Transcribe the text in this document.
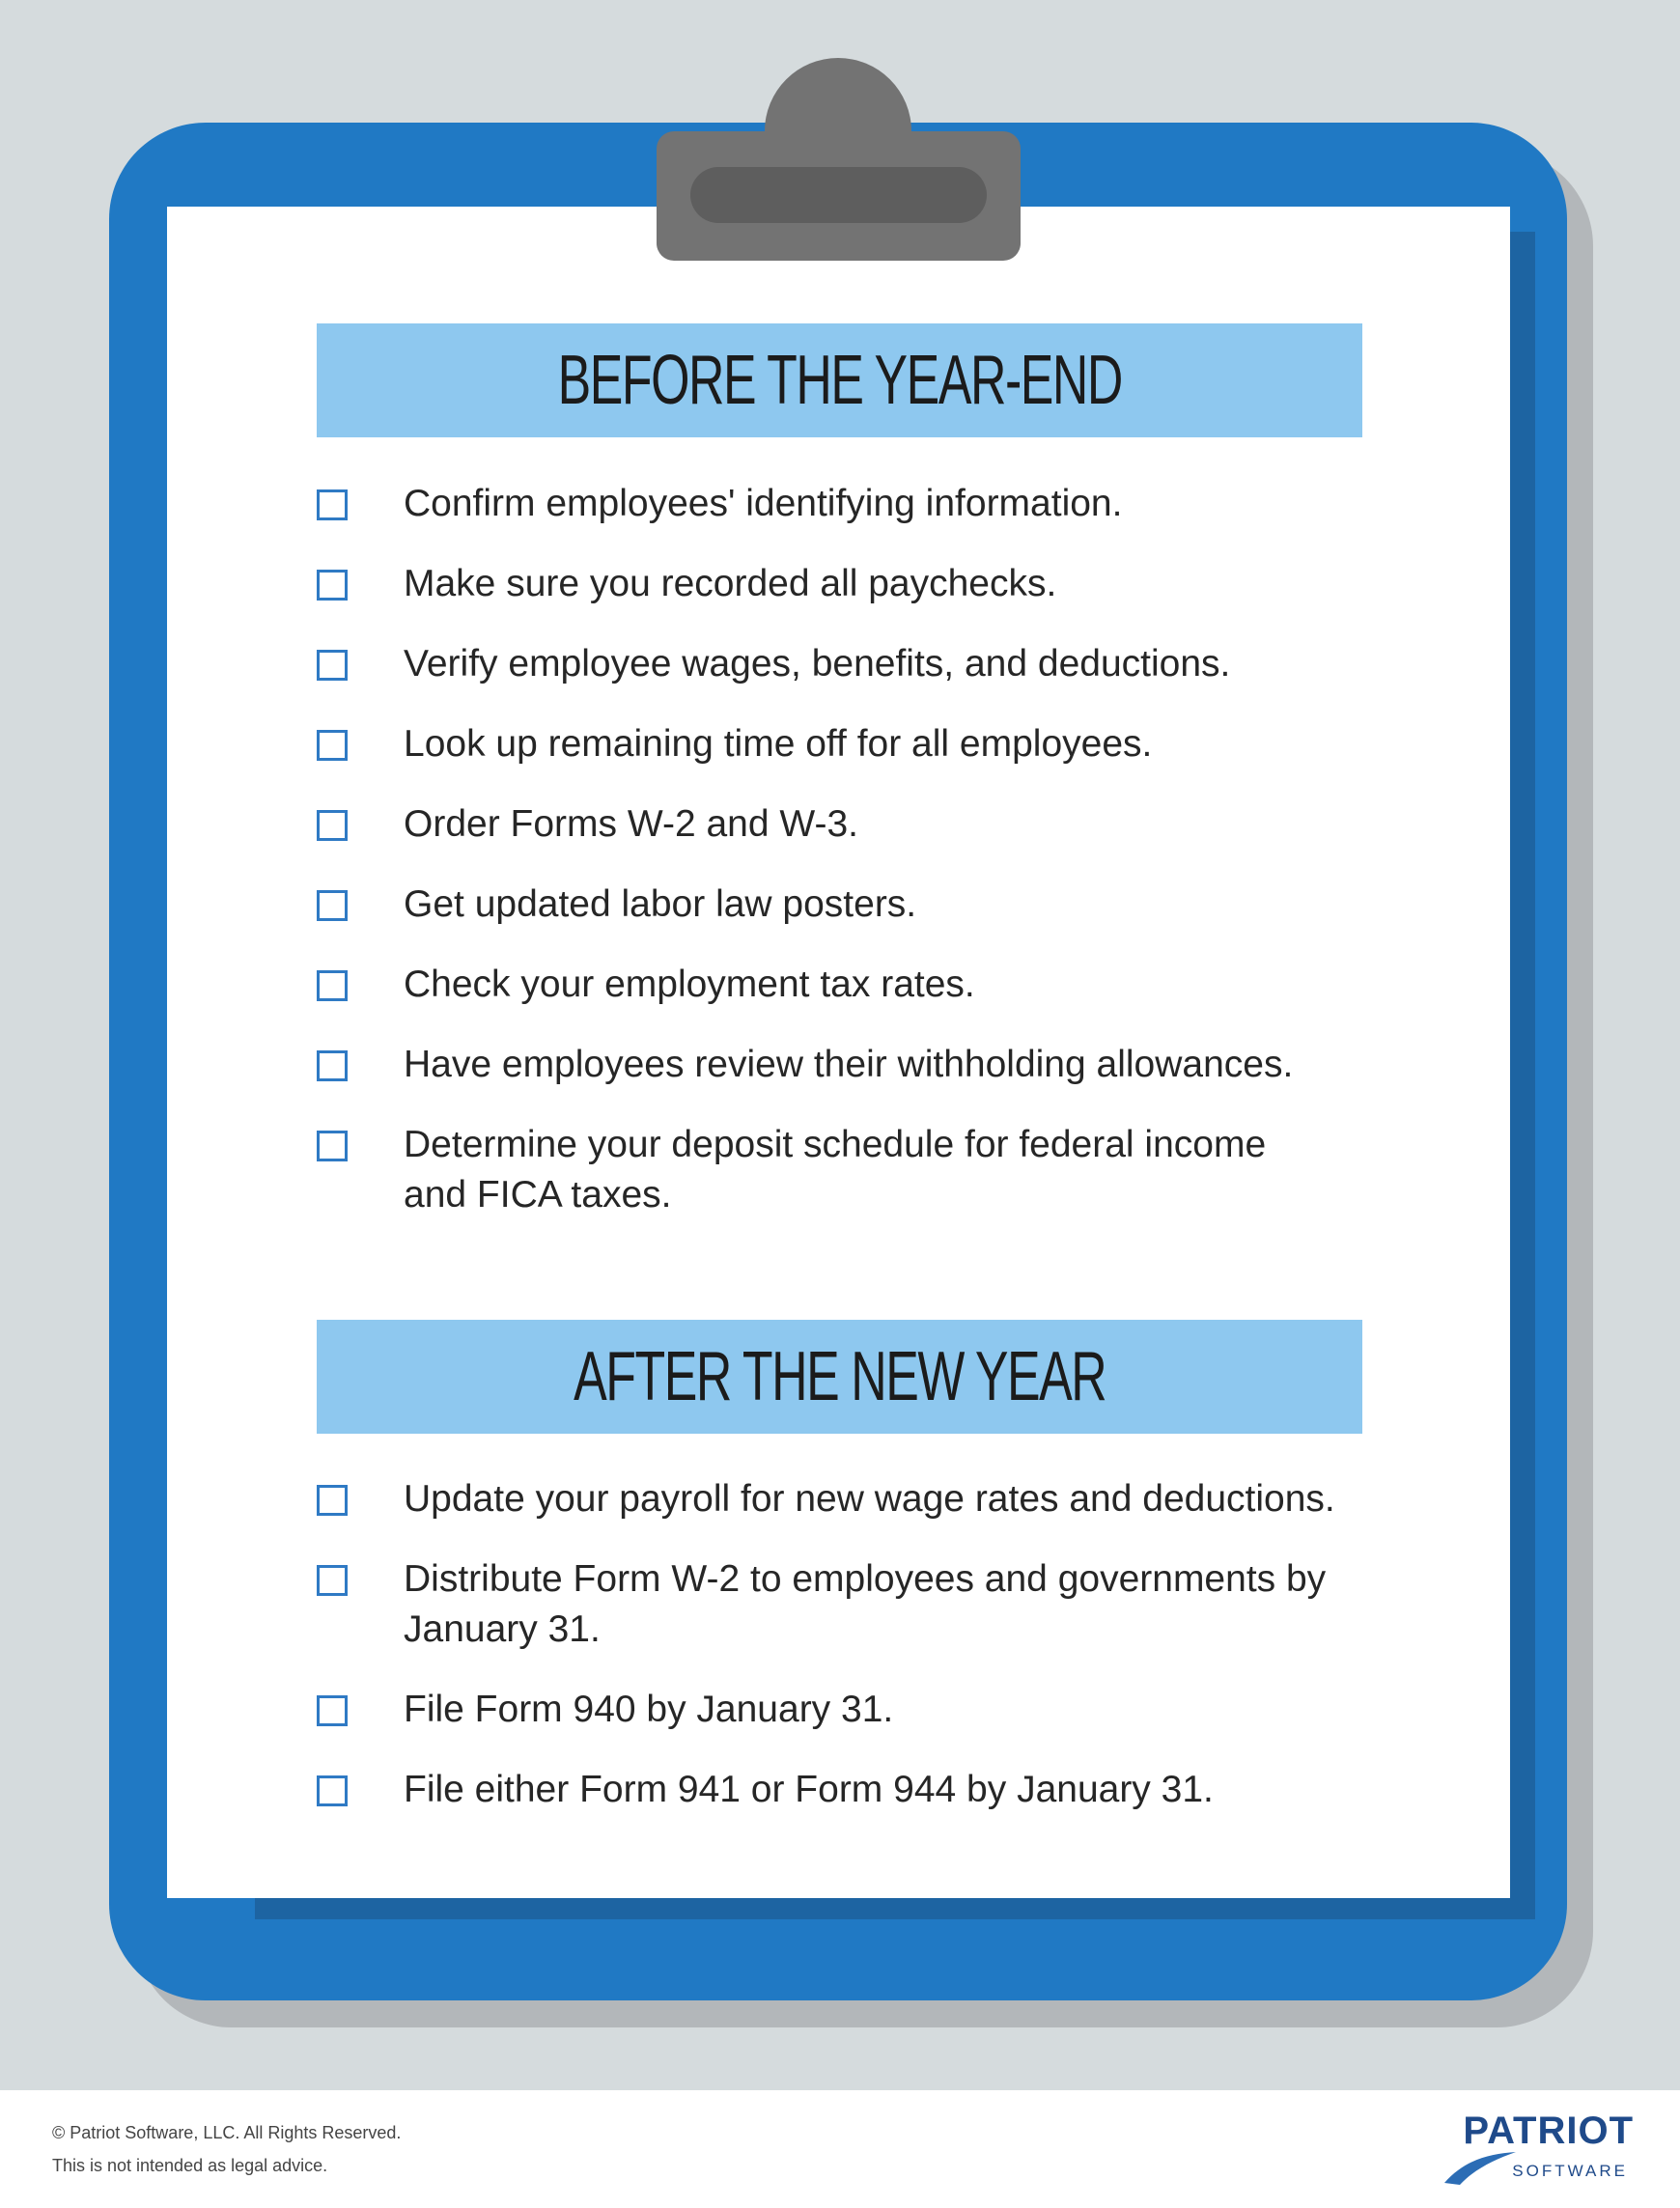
BEFORE THE YEAR-END
Confirm employees' identifying information.
Make sure you recorded all paychecks.
Verify employee wages, benefits, and deductions.
Look up remaining time off for all employees.
Order Forms W-2 and W-3.
Get updated labor law posters.
Check your employment tax rates.
Have employees review their withholding allowances.
Determine your deposit schedule for federal income
and FICA taxes.
AFTER THE NEW YEAR
Update your payroll for new wage rates and deductions.
Distribute Form W-2 to employees and governments by
January 31.
File Form 940 by January 31.
File either Form 941 or Form 944 by January 31.
© Patriot Software, LLC. All Rights Reserved.
This is not intended as legal advice.
PATRIOT
SOFTWARE
